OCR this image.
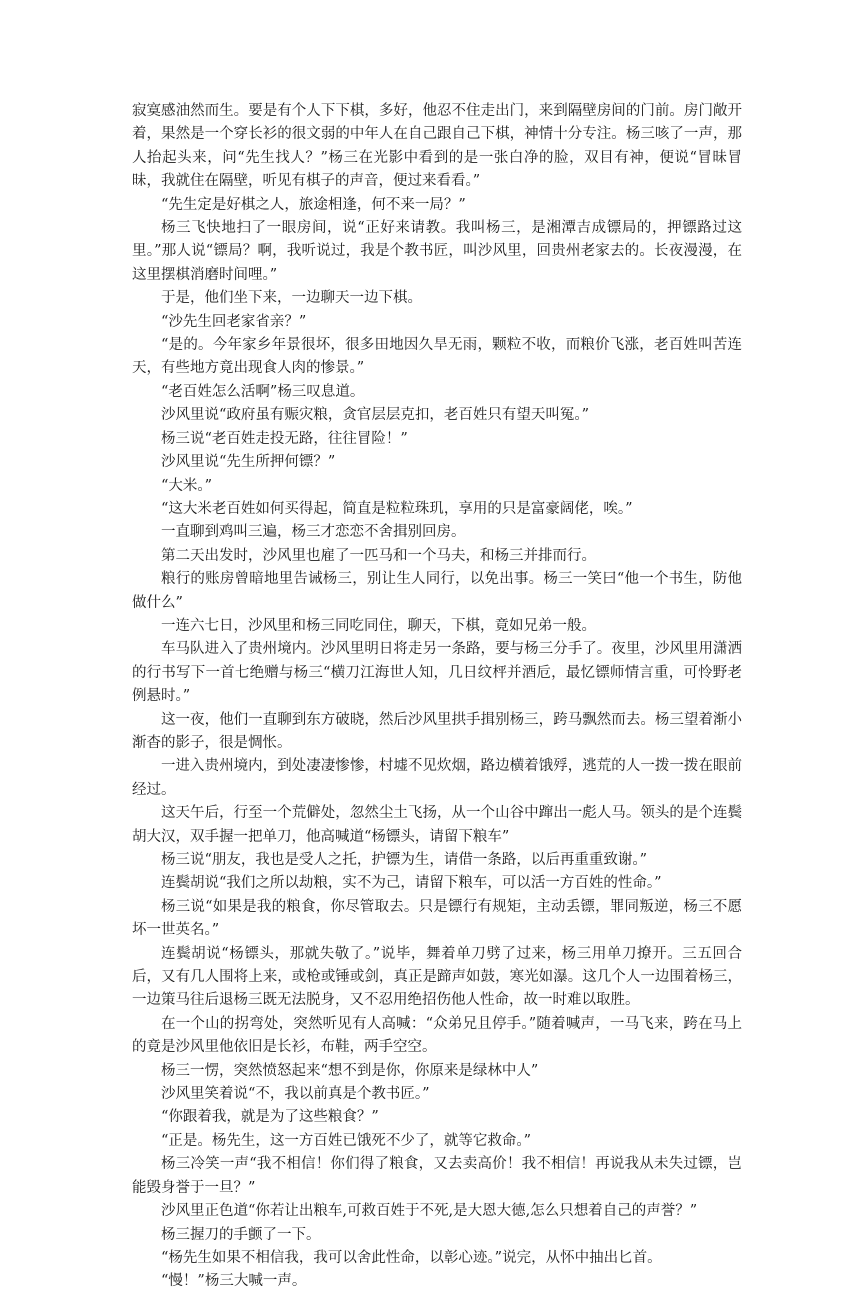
寂寞感油然而生。要是有个人下下棋，多好，他忍不住走出门，来到隔壁房间的门前。房门敞开着，果然是一个穿长衫的很文弱的中年人在自己跟自己下棋，神情十分专注。杨三咳了一声，那人抬起头来，问“先生找人？”杨三在光影中看到的是一张白净的脸，双目有神，便说“冒昧冒昧，我就住在隔壁，听见有棋子的声音，便过来看看。”

“先生定是好棋之人，旅途相逢，何不来一局？”

杨三飞快地扫了一眼房间，说“正好来请教。我叫杨三，是湘潭吉成镖局的，押镖路过这里。”那人说“镖局？啊，我听说过，我是个教书匠，叫沙风里，回贵州老家去的。长夜漫漫，在这里摆棋消磨时间哩。”

于是，他们坐下来，一边聊天一边下棋。

“沙先生回老家省亲？”

“是的。今年家乡年景很坏，很多田地因久旱无雨，颗粒不收，而粮价飞涨，老百姓叫苦连天，有些地方竟出现食人肉的惨景。”

“老百姓怎么活啊”杨三叹息道。

沙风里说“政府虽有赈灾粮，贪官层层克扣，老百姓只有望天叫冤。”

杨三说“老百姓走投无路，往往冒险！”

沙风里说“先生所押何镖？”

“大米。”

“这大米老百姓如何买得起，简直是粒粒珠玑，享用的只是富豪阔佬，唉。”

一直聊到鸡叫三遍，杨三才恋恋不舍揖别回房。

第二天出发时，沙风里也雇了一匹马和一个马夫，和杨三并排而行。

粮行的账房曾暗地里告诫杨三，别让生人同行，以免出事。杨三一笑曰“他一个书生，防他做什么”

一连六七日，沙风里和杨三同吃同住，聊天，下棋，竟如兄弟一般。

车马队进入了贵州境内。沙风里明日将走另一条路，要与杨三分手了。夜里，沙风里用潇洒的行书写下一首七绝赠与杨三“横刀江海世人知，几日纹枰并酒卮，最忆镖师情言重，可怜野老例悬时。”

这一夜，他们一直聊到东方破晓，然后沙风里拱手揖别杨三，跨马飘然而去。杨三望着渐小渐杳的影子，很是惆怅。

一进入贵州境内，到处凄凄惨惨，村墟不见炊烟，路边横着饿殍，逃荒的人一拨一拨在眼前经过。

这天午后，行至一个荒僻处，忽然尘土飞扬，从一个山谷中蹿出一彪人马。领头的是个连鬓胡大汉，双手握一把单刀，他高喊道“杨镖头，请留下粮车”

杨三说“朋友，我也是受人之托，护镖为生，请借一条路，以后再重重致谢。”

连鬓胡说“我们之所以劫粮，实不为己，请留下粮车，可以活一方百姓的性命。”

杨三说“如果是我的粮食，你尽管取去。只是镖行有规矩，主动丢镖，罪同叛逆，杨三不愿坏一世英名。”

连鬓胡说“杨镖头，那就失敬了。”说毕，舞着单刀劈了过来，杨三用单刀撩开。三五回合后，又有几人围将上来，或枪或锤或剑，真正是蹄声如鼓，寒光如瀑。这几个人一边围着杨三，一边策马往后退杨三既无法脱身，又不忍用绝招伤他人性命，故一时难以取胜。

在一个山的拐弯处，突然听见有人高喊：“众弟兄且停手。”随着喊声，一马飞来，跨在马上的竟是沙风里他依旧是长衫，布鞋，两手空空。

杨三一愣，突然愤怒起来“想不到是你，你原来是绿林中人”

沙风里笑着说“不，我以前真是个教书匠。”

“你跟着我，就是为了这些粮食？”

“正是。杨先生，这一方百姓已饿死不少了，就等它救命。”

杨三冷笑一声“我不相信！你们得了粮食，又去卖高价！我不相信！再说我从未失过镖，岂能毁身誉于一旦？”

沙风里正色道“你若让出粮车,可救百姓于不死,是大恩大德,怎么只想着自己的声誉？”

杨三握刀的手颤了一下。

“杨先生如果不相信我，我可以舍此性命，以彰心迹。”说完，从怀中抽出匕首。

“慢！”杨三大喊一声。
